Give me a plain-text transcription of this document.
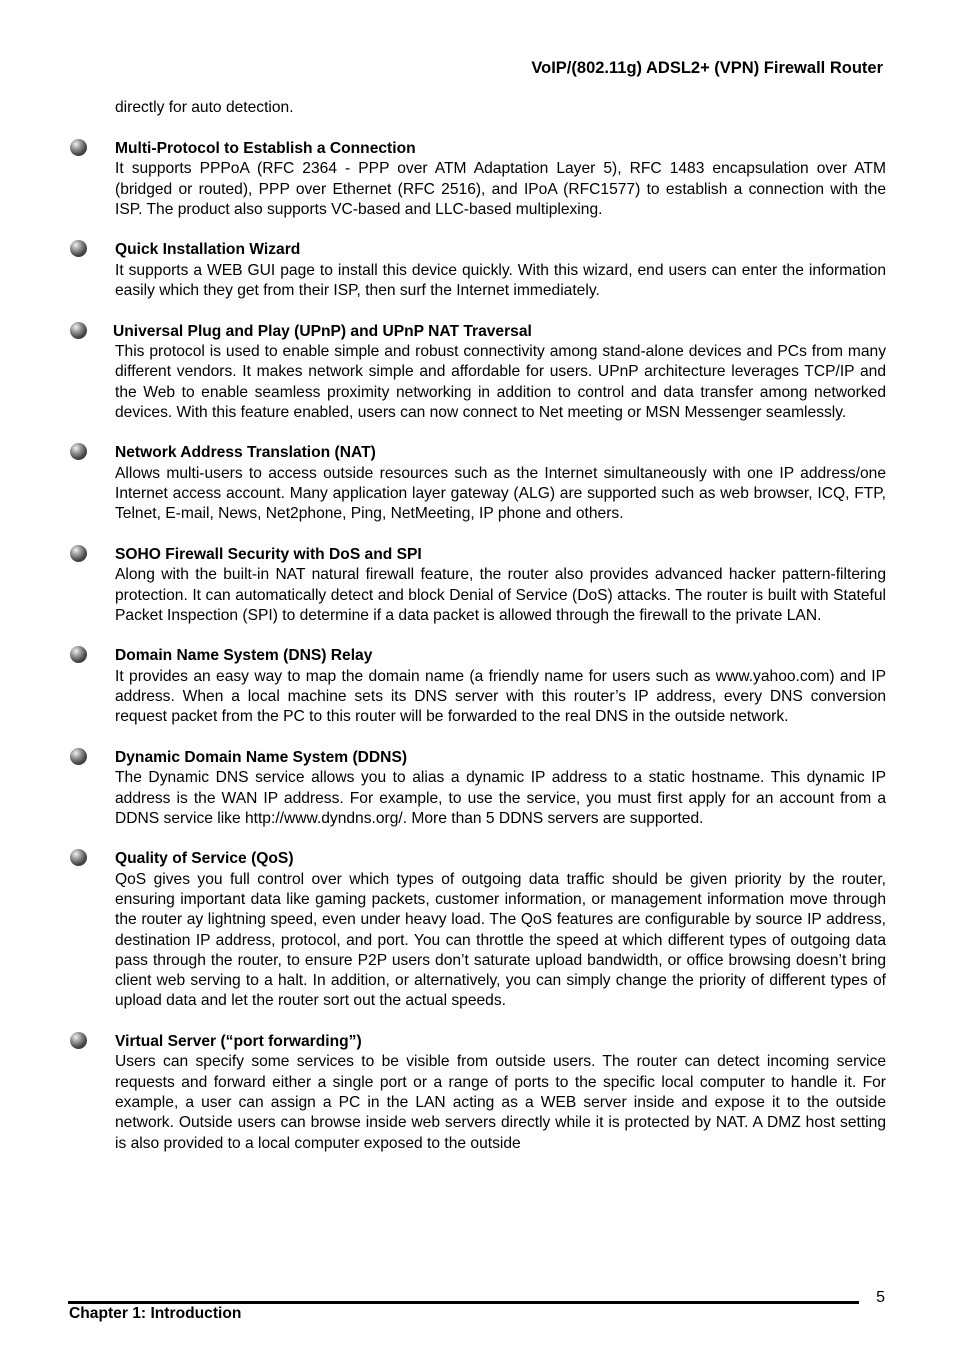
VoIP/(802.11g) ADSL2+ (VPN) Firewall Router
directly for auto detection.
Multi-Protocol to Establish a Connection
It supports PPPoA (RFC 2364 - PPP over ATM Adaptation Layer 5), RFC 1483 encapsulation over ATM (bridged or routed), PPP over Ethernet (RFC 2516), and IPoA (RFC1577) to establish a connection with the ISP. The product also supports VC-based and LLC-based multiplexing.
Quick Installation Wizard
It supports a WEB GUI page to install this device quickly. With this wizard, end users can enter the information easily which they get from their ISP, then surf the Internet immediately.
Universal Plug and Play (UPnP) and UPnP NAT Traversal
This protocol is used to enable simple and robust connectivity among stand-alone devices and PCs from many different vendors. It makes network simple and affordable for users. UPnP architecture leverages TCP/IP and the Web to enable seamless proximity networking in addition to control and data transfer among networked devices. With this feature enabled, users can now connect to Net meeting or MSN Messenger seamlessly.
Network Address Translation (NAT)
Allows multi-users to access outside resources such as the Internet simultaneously with one IP address/one Internet access account. Many application layer gateway (ALG) are supported such as web browser, ICQ, FTP, Telnet, E-mail, News, Net2phone, Ping, NetMeeting, IP phone and others.
SOHO Firewall Security with DoS and SPI
Along with the built-in NAT natural firewall feature, the router also provides advanced hacker pattern-filtering protection. It can automatically detect and block Denial of Service (DoS) attacks. The router is built with Stateful Packet Inspection (SPI) to determine if a data packet is allowed through the firewall to the private LAN.
Domain Name System (DNS) Relay
It provides an easy way to map the domain name (a friendly name for users such as www.yahoo.com) and IP address. When a local machine sets its DNS server with this router’s IP address, every DNS conversion request packet from the PC to this router will be forwarded to the real DNS in the outside network.
Dynamic Domain Name System (DDNS)
The Dynamic DNS service allows you to alias a dynamic IP address to a static hostname. This dynamic IP address is the WAN IP address. For example, to use the service, you must first apply for an account from a DDNS service like http://www.dyndns.org/. More than 5 DDNS servers are supported.
Quality of Service (QoS)
QoS gives you full control over which types of outgoing data traffic should be given priority by the router, ensuring important data like gaming packets, customer information, or management information move through the router ay lightning speed, even under heavy load. The QoS features are configurable by source IP address, destination IP address, protocol, and port. You can throttle the speed at which different types of outgoing data pass through the router, to ensure P2P users don’t saturate upload bandwidth, or office browsing doesn’t bring client web serving to a halt. In addition, or alternatively, you can simply change the priority of different types of upload data and let the router sort out the actual speeds.
Virtual Server (“port forwarding”)
Users can specify some services to be visible from outside users. The router can detect incoming service requests and forward either a single port or a range of ports to the specific local computer to handle it. For example, a user can assign a PC in the LAN acting as a WEB server inside and expose it to the outside network. Outside users can browse inside web servers directly while it is protected by NAT. A DMZ host setting is also provided to a local computer exposed to the outside
5
Chapter 1: Introduction
